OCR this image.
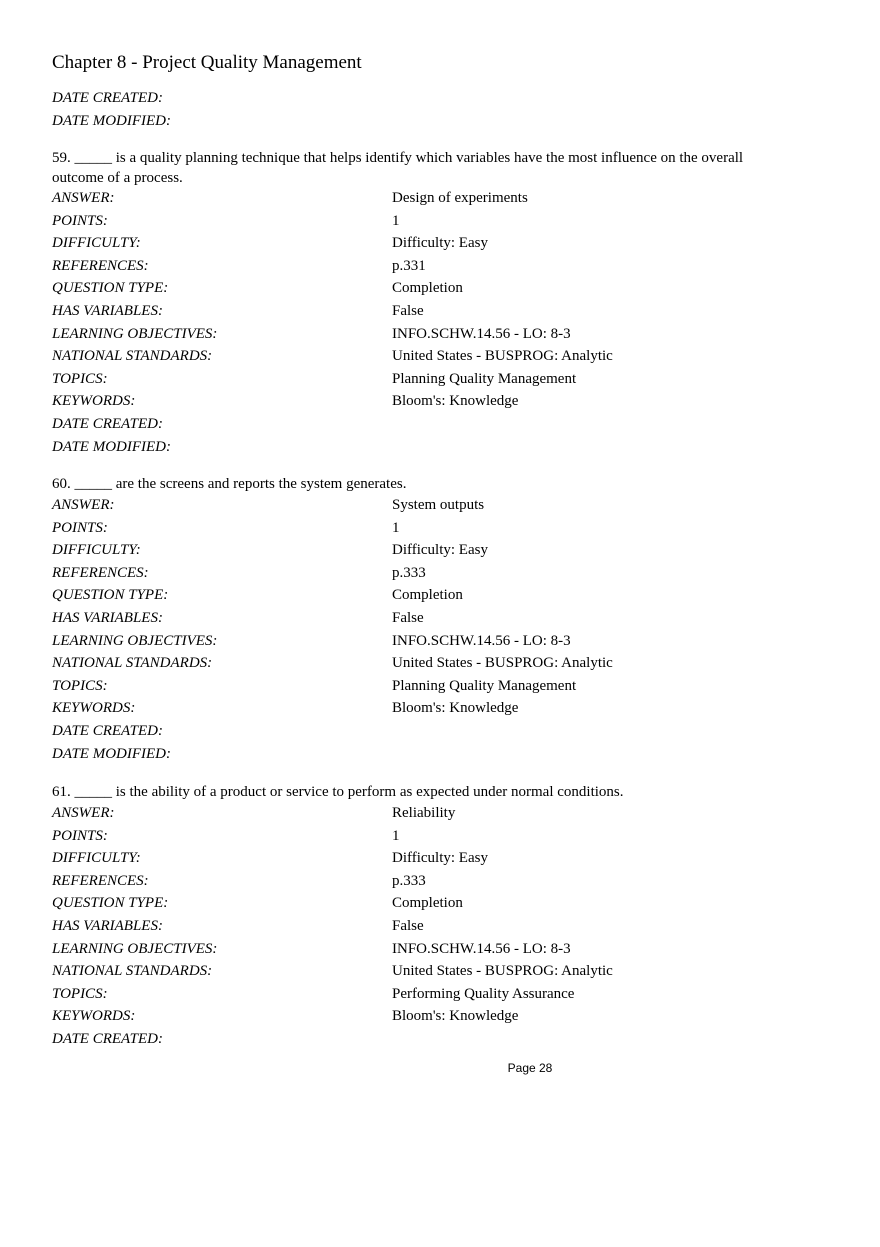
Chapter 8 - Project Quality Management
DATE CREATED:
DATE MODIFIED:
59. _____ is a quality planning technique that helps identify which variables have the most influence on the overall outcome of a process.
60. _____ are the screens and reports the system generates.
61. _____ is the ability of a product or service to perform as expected under normal conditions.
Page 28
ANSWER:	Design of experiments
POINTS:	1
DIFFICULTY:	Difficulty: Easy
REFERENCES:	p.331
QUESTION TYPE:	Completion
HAS VARIABLES:	False
LEARNING OBJECTIVES:	INFO.SCHW.14.56 - LO: 8-3
NATIONAL STANDARDS:	United States - BUSPROG: Analytic
TOPICS:	Planning Quality Management
KEYWORDS:	Bloom's: Knowledge
DATE CREATED:
DATE MODIFIED:
ANSWER:	System outputs
POINTS:	1
DIFFICULTY:	Difficulty: Easy
REFERENCES:	p.333
QUESTION TYPE:	Completion
HAS VARIABLES:	False
LEARNING OBJECTIVES:	INFO.SCHW.14.56 - LO: 8-3
NATIONAL STANDARDS:	United States - BUSPROG: Analytic
TOPICS:	Planning Quality Management
KEYWORDS:	Bloom's: Knowledge
DATE CREATED:
DATE MODIFIED:
ANSWER:	Reliability
POINTS:	1
DIFFICULTY:	Difficulty: Easy
REFERENCES:	p.333
QUESTION TYPE:	Completion
HAS VARIABLES:	False
LEARNING OBJECTIVES:	INFO.SCHW.14.56 - LO: 8-3
NATIONAL STANDARDS:	United States - BUSPROG: Analytic
TOPICS:	Performing Quality Assurance
KEYWORDS:	Bloom's: Knowledge
DATE CREATED:
